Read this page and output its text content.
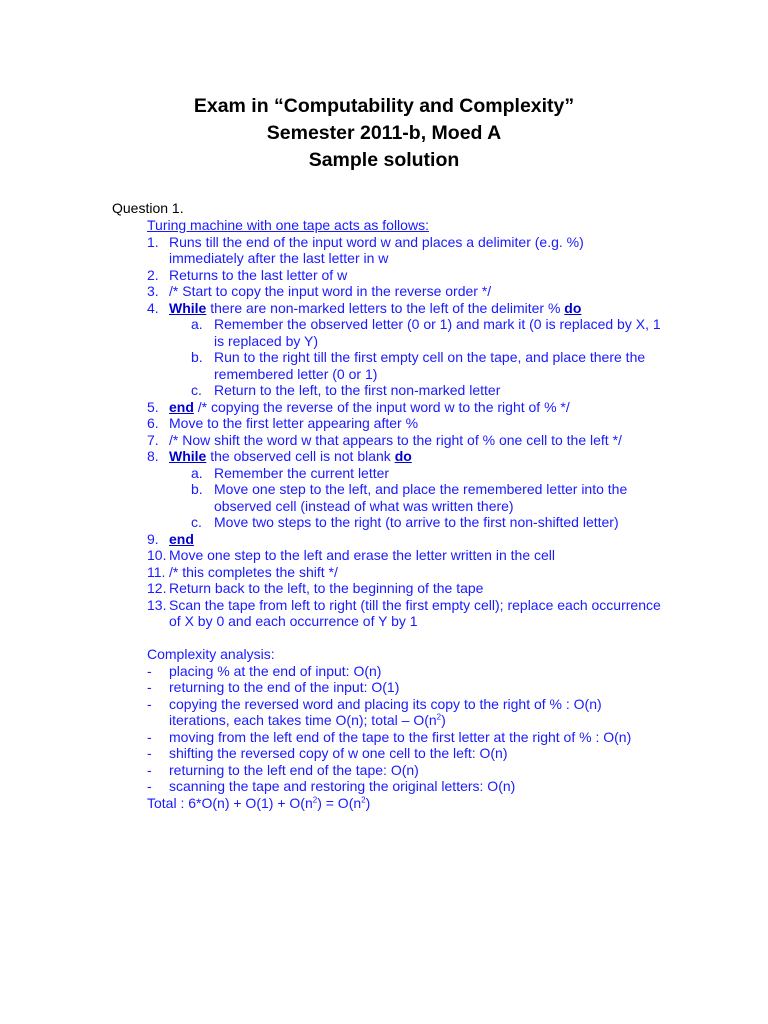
Exam in “Computability and Complexity”
Semester 2011-b, Moed A
Sample solution
Question 1.
Turing machine with one tape acts as follows:
1. Runs till the end of the input word w and places a delimiter (e.g. %)
immediately after the last letter in w
2. Returns to the last letter of w
3. /* Start to copy the input word in the reverse order */
4. While there are non-marked letters to the left of the delimiter % do
a. Remember the observed letter (0 or 1) and mark it (0 is replaced by X, 1
is replaced by Y)
b. Run to the right till the first empty cell on the tape, and place there the
remembered letter (0 or 1)
c. Return to the left, to the first non-marked letter
5. end /* copying the reverse of the input word w to the right of % */
6. Move to the first letter appearing after %
7. /* Now shift the word w that appears to the right of % one cell to the left */
8. While the observed cell is not blank do
a. Remember the current letter
b. Move one step to the left, and place the remembered letter into the
observed cell (instead of what was written there)
c. Move two steps to the right (to arrive to the first non-shifted letter)
9. end
10. Move one step to the left and erase the letter written in the cell
11. /* this completes the shift */
12. Return back to the left, to the beginning of the tape
13. Scan the tape from left to right (till the first empty cell); replace each occurrence
of X by 0 and each occurrence of Y by 1
Complexity analysis:
- placing % at the end of input: O(n)
- returning to the end of the input: O(1)
- copying the reversed word and placing its copy to the right of % : O(n)
iterations, each takes time O(n); total – $O(n^2)$
- moving from the left end of the tape to the first letter at the right of % : O(n)
- shifting the reversed copy of w one cell to the left: O(n)
- returning to the left end of the tape: O(n)
- scanning the tape and restoring the original letters: O(n)
Total : $6*O(n) + O(1) + O(n^2) = O(n^2)$
